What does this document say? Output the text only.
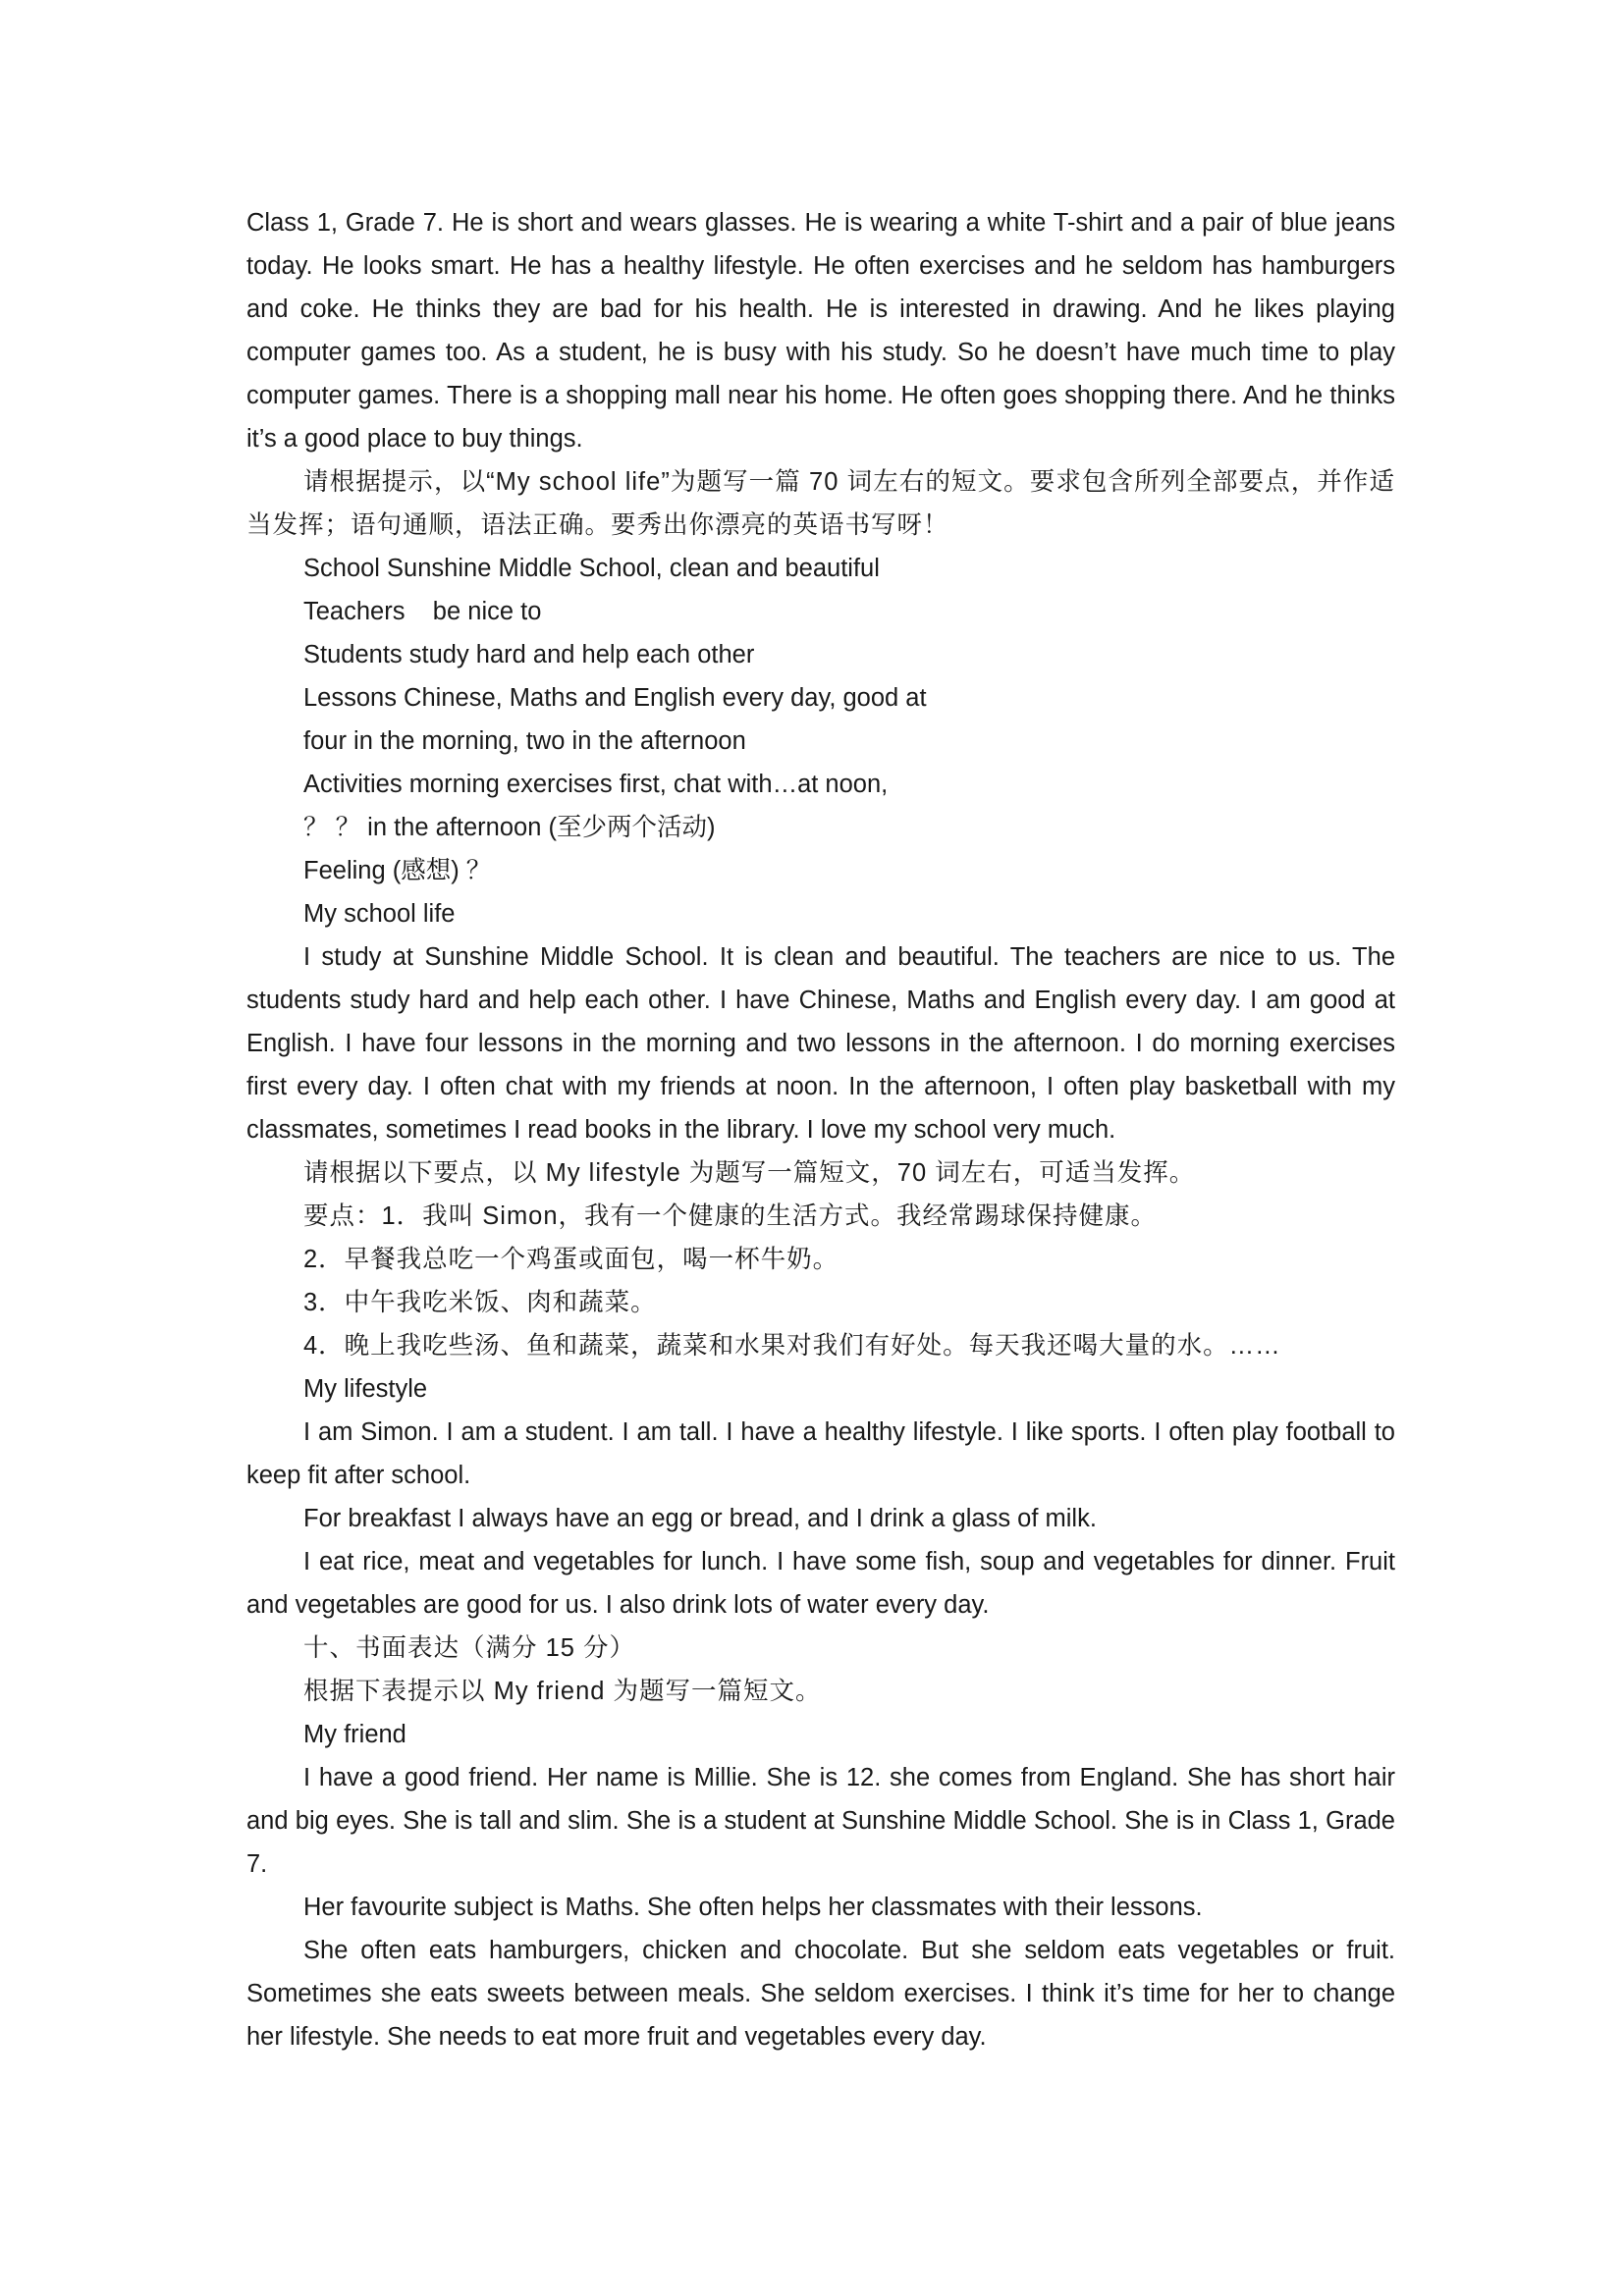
Class 1, Grade 7. He is short and wears glasses. He is wearing a white T-shirt and a pair of blue jeans today. He looks smart. He has a healthy lifestyle. He often exercises and he seldom has hamburgers and coke. He thinks they are bad for his health. He is interested in drawing. And he likes playing computer games too. As a student, he is busy with his study. So he doesn’t have much time to play computer games. There is a shopping mall near his home. He often goes shopping there. And he thinks it’s a good place to buy things.

请根据提示，以“My school life”为题写一篇 70 词左右的短文。要求包含所列全部要点，并作适当发挥；语句通顺，语法正确。要秀出你漂亮的英语书写呀！

School Sunshine Middle School, clean and beautiful

Teachers    be nice to

Students study hard and help each other

Lessons Chinese, Maths and English every day, good at

four in the morning, two in the afternoon

Activities morning exercises first, chat with…at noon,

？ ？ in the afternoon (至少两个活动)

Feeling (感想) ？

My school life

I study at Sunshine Middle School. It is clean and beautiful. The teachers are nice to us. The students study hard and help each other. I have Chinese, Maths and English every day. I am good at English. I have four lessons in the morning and two lessons in the afternoon. I do morning exercises first every day. I often chat with my friends at noon. In the afternoon, I often play basketball with my classmates, sometimes I read books in the library. I love my school very much.

请根据以下要点，以 My lifestyle 为题写一篇短文，70 词左右，可适当发挥。

要点：1．我叫 Simon，我有一个健康的生活方式。我经常踢球保持健康。

2．早餐我总吃一个鸡蛋或面包，喝一杯牛奶。

3．中午我吃米饭、肉和蔬菜。

4．晚上我吃些汤、鱼和蔬菜，蔬菜和水果对我们有好处。每天我还喝大量的水。……

My lifestyle

I am Simon. I am a student. I am tall. I have a healthy lifestyle. I like sports. I often play football to keep fit after school.

For breakfast I always have an egg or bread, and I drink a glass of milk.

I eat rice, meat and vegetables for lunch. I have some fish, soup and vegetables for dinner. Fruit and vegetables are good for us. I also drink lots of water every day.

十、书面表达（满分 15 分）

根据下表提示以 My friend 为题写一篇短文。

My friend

I have a good friend. Her name is Millie. She is 12. she comes from England. She has short hair and big eyes. She is tall and slim. She is a student at Sunshine Middle School. She is in Class 1, Grade 7.

Her favourite subject is Maths. She often helps her classmates with their lessons.

She often eats hamburgers, chicken and chocolate. But she seldom eats vegetables or fruit. Sometimes she eats sweets between meals. She seldom exercises. I think it’s time for her to change her lifestyle. She needs to eat more fruit and vegetables every day.
